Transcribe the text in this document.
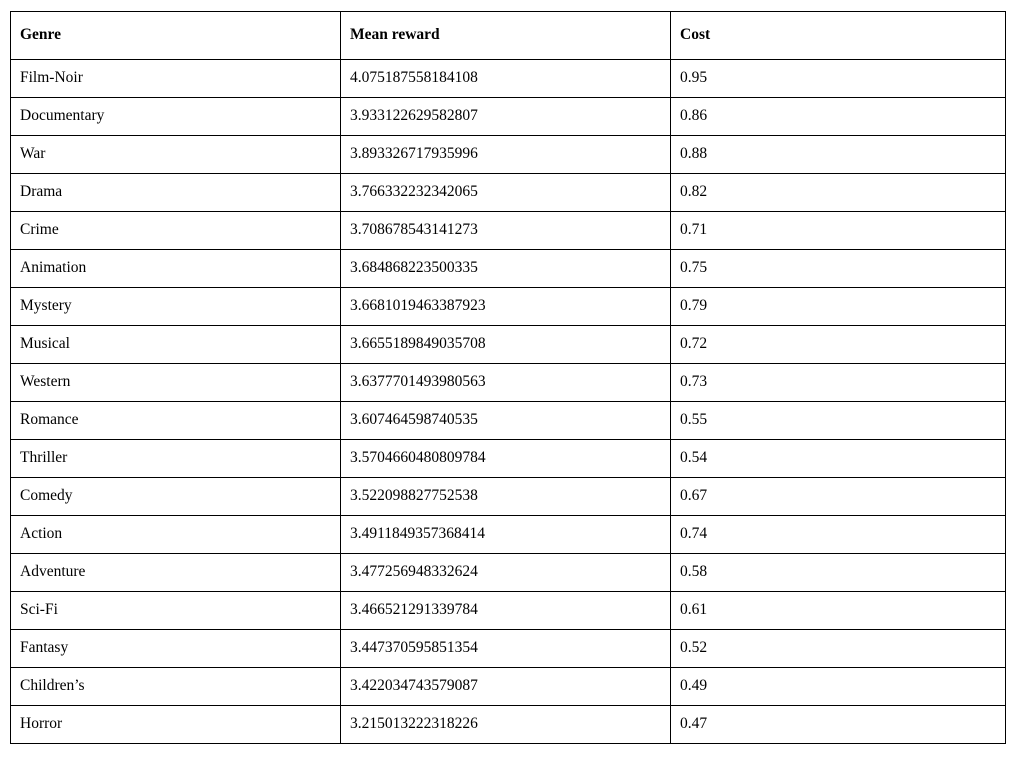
Genre	Mean reward	Cost
Film-Noir	4.075187558184108	0.95
Documentary	3.933122629582807	0.86
War	3.893326717935996	0.88
Drama	3.766332232342065	0.82
Crime	3.708678543141273	0.71
Animation	3.684868223500335	0.75
Mystery	3.6681019463387923	0.79
Musical	3.6655189849035708	0.72
Western	3.6377701493980563	0.73
Romance	3.607464598740535	0.55
Thriller	3.5704660480809784	0.54
Comedy	3.522098827752538	0.67
Action	3.4911849357368414	0.74
Adventure	3.477256948332624	0.58
Sci-Fi	3.466521291339784	0.61
Fantasy	3.447370595851354	0.52
Children’s	3.422034743579087	0.49
Horror	3.215013222318226	0.47
